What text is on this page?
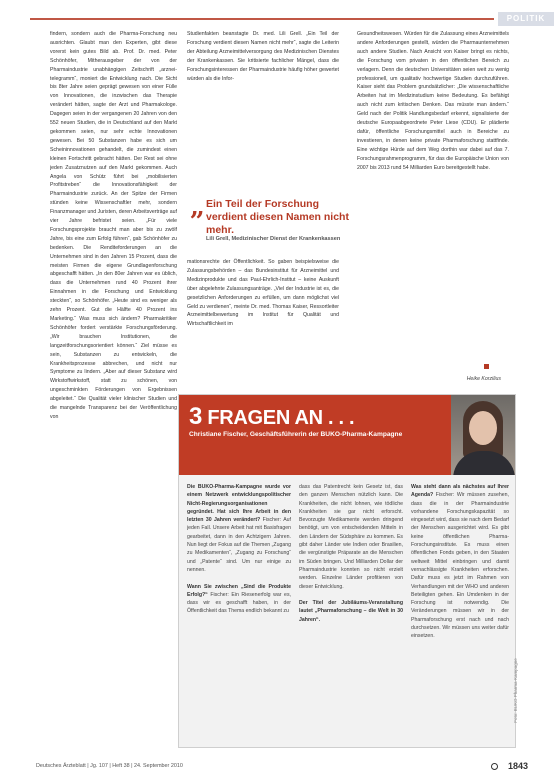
POLITIK

findern, sondern auch die Pharma-Forschung neu ausrichten. Glaubt man den Experten, gibt diese vorerst kein gutes Bild ab. Prof. Dr. med. Peter Schönhöfer, Mitherausgeber der von der Pharmaindustrie unabhängigen Zeitschrift „arznei-telegramm“, moniert die Entwicklung nach. Die Sicht bis 8ter Jahre seien geprägt gewesen von einer Fülle von Innovationen, die inzwischen das Therapie verändert hätten, sagte der Arzt und Pharmakologe. Dagegen seien in der vergangenen 20 Jahren von den 552 neuen Studien, die in Deutschland auf den Markt gekommen seien, nur sehr echte Innovationen gewesen. Bei 50 Substanzen habe es sich um Scheininnovationen gehandelt, die zumindest einen kleinen Fortschritt gebracht hätten. Der Rest sei ohne jeden Zusatznutzen auf den Markt gekommen. Auch Angela von Schütz führt bei „mobilisierten Profitstreben“ die Innovationsfähigkeit der Pharmaindustrie zurück. An der Spitze der Firmen stünden keine Wissenschaftler mehr, sondern Finanzmanager und Juristen, deren Arbeitsverträge auf vier Jahre befristet seien. „Für viele Forschungsprojekte braucht man aber bis zu zwölf Jahre, bis eine zum Erfolg führen“, gab Schönhöfer zu bedenken. Die Renditeforderungen an die Unternehmen sind in den Jahren 15 Prozent, dass die meisten Firmen die eigene Grundlagenforschung abgeschafft hätten. „In den 80er Jahren war es üblich, dass die Unternehmen rund 40 Prozent ihrer Einnahmen in die Forschung und Entwicklung steckten“, so Schönhöfer. „Heute sind es weniger als zehn Prozent. Gut die Hälfte 40 Prozent ins Marketing.“ Was muss sich ändern? Pharmakritiker Schönhöfer fordert verstärkte Forschungsförderung. „Wir brauchen Institutionen, die langzeitforschungsorientiert können.“ Ziel müsse es sein, Substanzen zu entwickeln, die Krankheitsprozesse abbrechen, und nicht nur Symptome zu lindern. „Aber auf dieser Substanz wird Wirkstoffwirkstoff, statt zu schönen, von ungeschminkten Förderungen von Ergebnissen abgeleitet.“ Die Qualität vieler klinischer Studien und die mangelnde Transparenz bei der Veröffentlichung von

Studienfakten beanstagte Dr. med. Lili Grell. „Ein Teil der Forschung verdient diesen Namen nicht mehr“, sagte die Leiterin der Abteilung Arzneimittelversorgung des Medizinischen Dienstes der Krankenkassen. Sie kritisierte fachlicher Mängel, dass die Forschungsinteressen der Pharmaindustrie häufig höher gewertet würden als die Infor-

„ Ein Teil der Forschung verdient diesen Namen nicht mehr.
Lili Grell, Medizinischer Dienst der Krankenkassen

mationsrechte der Öffentlichkeit. So gaben beispielsweise die Zulassungsbehörden – das Bundesinstitut für Arzneimittel und Medizinprodukte und das Paul-Ehrlich-Institut – keine Auskunft über abgelehnte Zulassungsanträge. „Viel der Industrie ist es, die gesetzlichen Anforderungen zu erfüllen, um dann möglichst viel Geld zu verdienen“, meinte Dr. med. Thomas Kaiser, Ressortleiter Arzneimittelbewertung im Institut für Qualität und Wirtschaftlichkeit im

Gesundheitswesen. Würden für die Zulassung eines Arzneimittels andere Anforderungen gestellt, würden die Pharmaunternehmen auch andere Studien. Nach Ansicht von Kaiser bringt es nichts, die Forschung vom privaten in den öffentlichen Bereich zu verlagern. Denn die deutschen Universitäten seien weit zu wenig professionell, um qualitativ hochwertige Studien durchzuführen. Kaiser sieht das Problem grundsätzlicher: „Die wissenschaftliche Arbeiten hat im Medizinstudium keine Bedeutung. Es befähigt auch nicht zum kritischen Denken. Das müsste man ändern.“ Geld nach der Politik Handlungsbedarf erkennt, signalisierte der deutsche Europaabgeordnete Peter Liese (CDU). Er plädierte dafür, öffentliche Forschungsmittel auch in Bereiche zu investieren, in denen keine private Pharmaforschung stattfinde. Eine wichtige Hürde auf dem Weg dorthin war dabei auf das 7. Forschungsrahmenprogramm, für das die Europäische Union von 2007 bis 2013 rund 54 Milliarden Euro bereitgestellt habe.

Heike Korzilius
3 FRAGEN AN . . .
Christiane Fischer, Geschäftsführerin der BUKO-Pharma-Kampagne
Die BUKO-Pharma-Kampagne wurde vor einem Netzwerk entwicklungspolitischer Nicht-Regierungsorganisationen gegründet. Hat sich Ihre Arbeit in den letzten 30 Jahren verändert? Fischer: Auf jeden Fall. Unsere Arbeit hat mit Basisfragen gearbeitet, dann in den Achtzigern Jahren. Nun liegt der Fokus auf die Themen „Zugang zu Medikamenten“, „Zugang zu Forschung“ und „Patente“ sind. Um nur einige zu nennen.

Wann Sie zwischen „Sind die Produkte Erfolg?“ Fischer: Ein Riesenerfolg war es, dass wir es geschafft haben, in der Öffentlichkeit das Thema endlich bekannt zu
dass das Patentrecht kein Gesetz ist, das den ganzen Menschen nützlich kann. Die Krankheiten, die nicht lohnen, wie tödliche Krankheiten sie gar nicht erforscht. Bevorzugte Medikamente werden dringend benötigt, um von entscheidenden Mitteln in den Ländern der Südsphäre zu kommen. Es gibt daher Länder wie Indien oder Brasilien, die vergünstigte Präparate an die Menschen im Süden bringen. Und Milliarden Dollar der Pharmaindustrie konnten so nicht erzielt werden. Einzelne Länder profitieren von dieser Entwicklung.

Der Titel der Jubiläums-Veranstaltung lautet „Pharmaforschung – die Welt in 30 Jahren“.
Was steht dann als nächstes auf Ihrer Agenda? Fischer: Wir müssen zusehen, dass die in der Pharmaindustrie vorhandene Forschungskapazität so eingesetzt wird, dass sie nach dem Bedarf der Menschen ausgerichtet wird. Es gibt keine öffentlichen Pharma-Forschungsinstitute. Es muss einen öffentlichen Fonds geben, in den Staaten weltweit Mittel einbringen und damit vernachlässigte Krankheiten erforschen. Dafür muss es jetzt im Rahmen von Verhandlungen mit der WHO und anderen Beteiligten gehen. Ein Umdenken in der Forschung ist notwendig. Die Veränderungen müssen wir in der Pharmaforschung erst nach und nach durchsetzen. Wir müssen uns weiter dafür einsetzen.
Foto: BUKO Pharma-Kampagne
Deutsches Ärzteblatt | Jg. 107 | Heft 38 | 24. September 2010	1843
